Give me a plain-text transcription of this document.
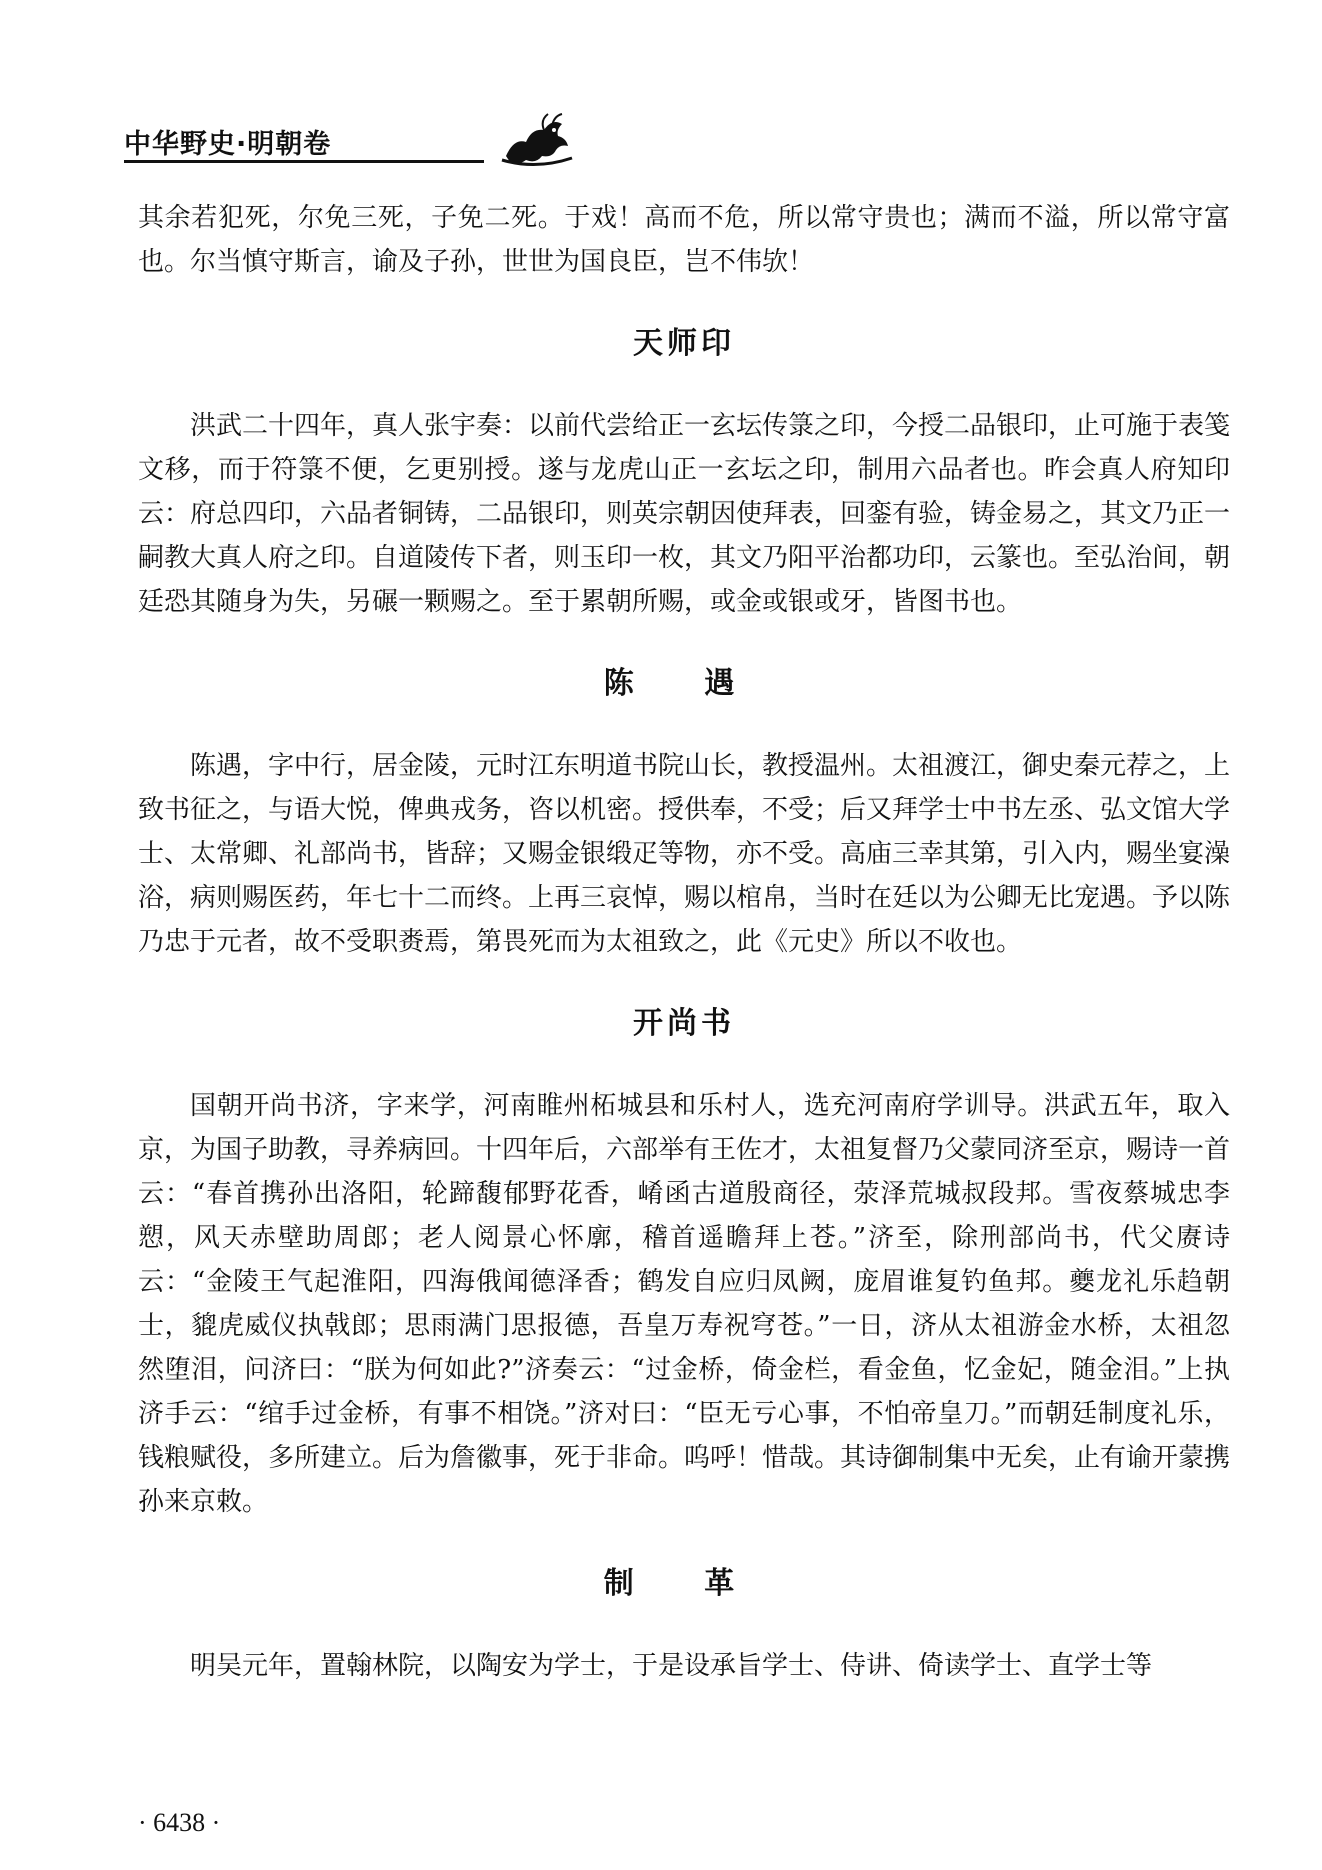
中华野史·明朝卷

其余若犯死，尔免三死，子免二死。于戏！高而不危，所以常守贵也；满而不溢，所以常守富也。尔当慎守斯言，谕及子孙，世世为国良臣，岂不伟欤！

天师印

洪武二十四年，真人张宇奏：以前代尝给正一玄坛传箓之印，今授二品银印，止可施于表笺文移，而于符箓不便，乞更别授。遂与龙虎山正一玄坛之印，制用六品者也。昨会真人府知印云：府总四印，六品者铜铸，二品银印，则英宗朝因使拜表，回銮有验，铸金易之，其文乃正一嗣教大真人府之印。自道陵传下者，则玉印一枚，其文乃阳平治都功印，云篆也。至弘治间，朝廷恐其随身为失，另碾一颗赐之。至于累朝所赐，或金或银或牙，皆图书也。

陈 遇

陈遇，字中行，居金陵，元时江东明道书院山长，教授温州。太祖渡江，御史秦元荐之，上致书征之，与语大悦，俾典戎务，咨以机密。授供奉，不受；后又拜学士中书左丞、弘文馆大学士、太常卿、礼部尚书，皆辞；又赐金银缎疋等物，亦不受。高庙三幸其第，引入内，赐坐宴澡浴，病则赐医药，年七十二而终。上再三哀悼，赐以棺帛，当时在廷以为公卿无比宠遇。予以陈乃忠于元者，故不受职赉焉，第畏死而为太祖致之，此《元史》所以不收也。

开尚书

国朝开尚书济，字来学，河南睢州柘城县和乐村人，选充河南府学训导。洪武五年，取入京，为国子助教，寻养病回。十四年后，六部举有王佐才，太祖复督乃父蒙同济至京，赐诗一首云：“春首携孙出洛阳，轮蹄馥郁野花香，崤函古道殷商径，荥泽荒城叔段邦。雪夜蔡城忠李愬，风天赤壁助周郎；老人阅景心怀廓，稽首遥瞻拜上苍。”济至，除刑部尚书，代父赓诗云：“金陵王气起淮阳，四海俄闻德泽香；鹤发自应归凤阙，庞眉谁复钓鱼邦。夔龙礼乐趋朝士，貔虎威仪执戟郎；思雨满门思报德，吾皇万寿祝穹苍。”一日，济从太祖游金水桥，太祖忽然堕泪，问济曰：“朕为何如此?”济奏云：“过金桥，倚金栏，看金鱼，忆金妃，随金泪。”上执济手云：“绾手过金桥，有事不相饶。”济对曰：“臣无亏心事，不怕帝皇刀。”而朝廷制度礼乐，钱粮赋役，多所建立。后为詹徽事，死于非命。呜呼！惜哉。其诗御制集中无矣，止有谕开蒙携孙来京敕。

制 革

明吴元年，置翰林院，以陶安为学士，于是设承旨学士、侍讲、倚读学士、直学士等

· 6438 ·
